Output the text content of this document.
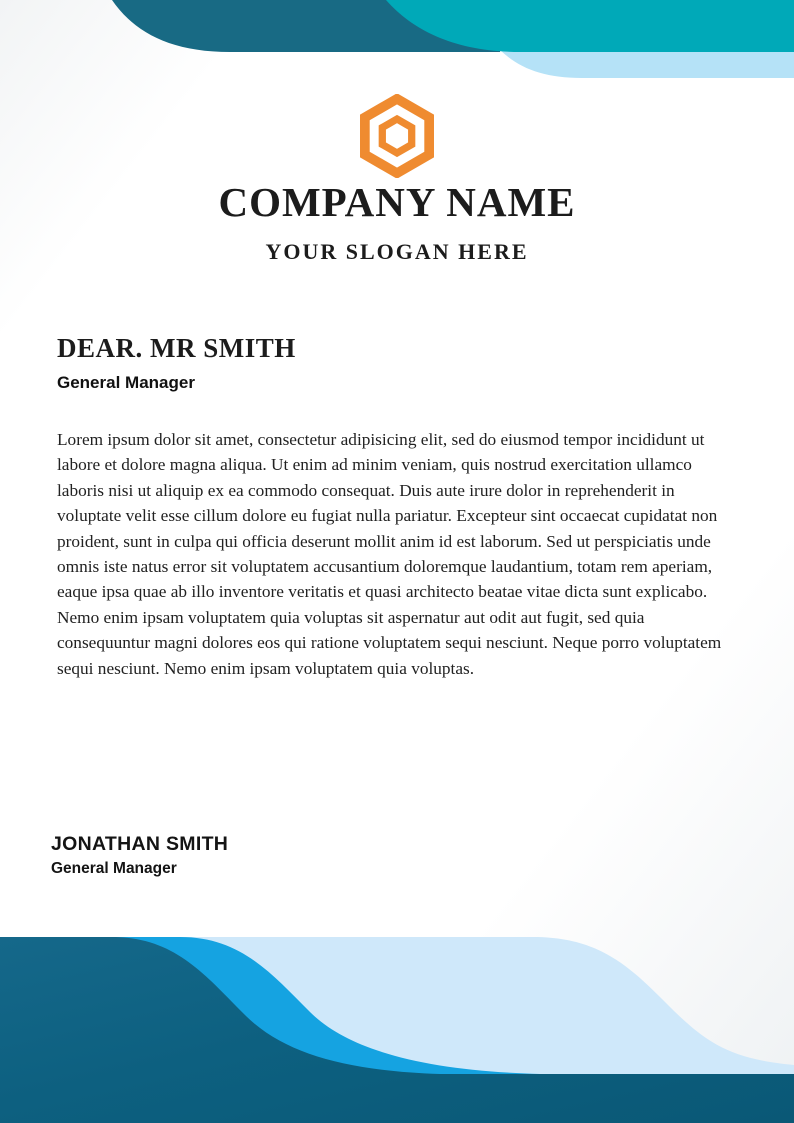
COMPANY NAME
YOUR SLOGAN HERE
DEAR. MR SMITH
General Manager

Lorem ipsum dolor sit amet, consectetur adipisicing elit, sed do eiusmod tempor incididunt ut labore et dolore magna aliqua. Ut enim ad minim veniam, quis nostrud exercitation ullamco laboris nisi ut aliquip ex ea commodo consequat. Duis aute irure dolor in reprehenderit in voluptate velit esse cillum dolore eu fugiat nulla pariatur. Excepteur sint occaecat cupidatat non proident, sunt in culpa qui officia deserunt mollit anim id est laborum. Sed ut perspiciatis unde omnis iste natus error sit voluptatem accusantium doloremque laudantium, totam rem aperiam, eaque ipsa quae ab illo inventore veritatis et quasi architecto beatae vitae dicta sunt explicabo. Nemo enim ipsam voluptatem quia voluptas sit aspernatur aut odit aut fugit, sed quia consequuntur magni dolores eos qui ratione voluptatem sequi nesciunt. Neque porro voluptatem sequi nesciunt. Nemo enim ipsam voluptatem quia voluptas.

JONATHAN SMITH
General Manager
